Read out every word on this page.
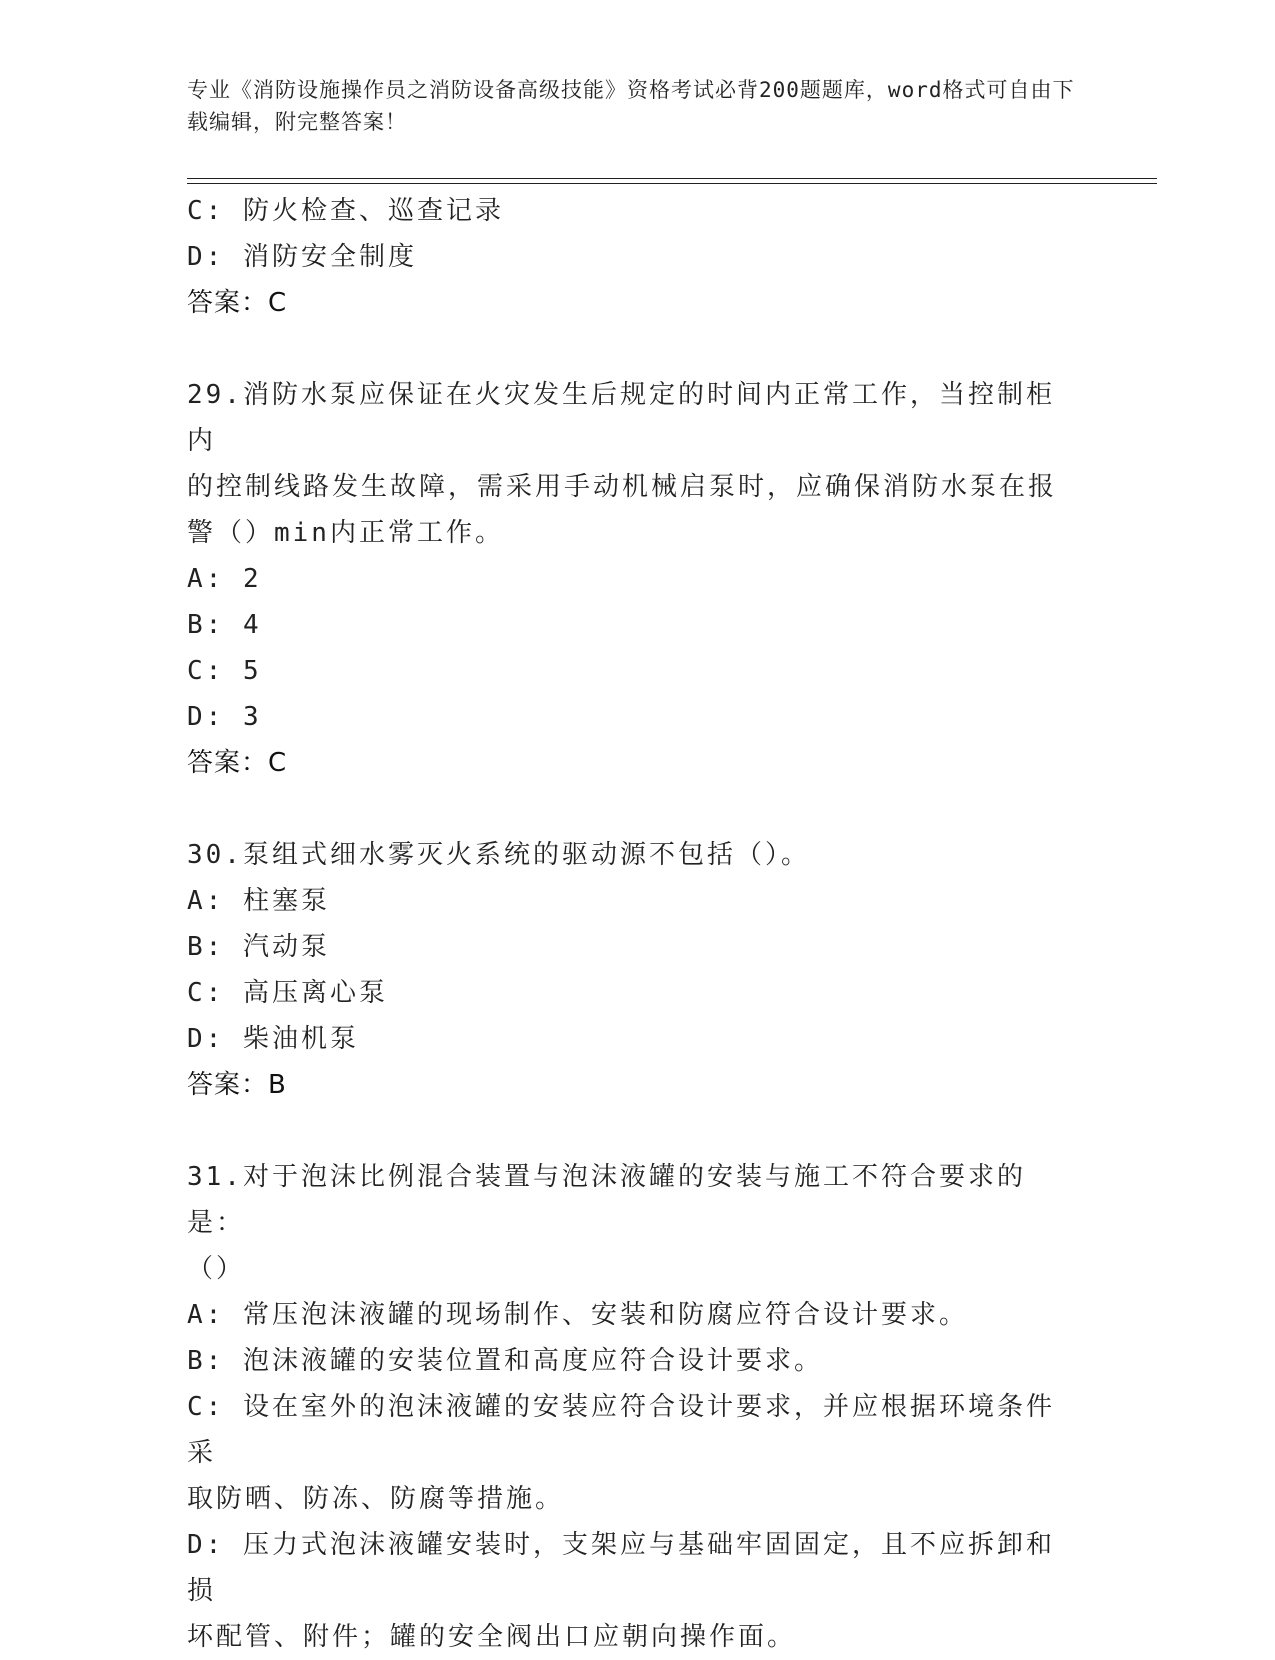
专业《消防设施操作员之消防设备高级技能》资格考试必背200题题库，word格式可自由下载编辑，附完整答案！
C: 防火检查、巡查记录
D: 消防安全制度
答案：C
29.消防水泵应保证在火灾发生后规定的时间内正常工作，当控制柜内
的控制线路发生故障，需采用手动机械启泵时，应确保消防水泵在报
警（）min内正常工作。
A: 2
B: 4
C: 5
D: 3
答案：C
30.泵组式细水雾灭火系统的驱动源不包括（）。
A: 柱塞泵
B: 汽动泵
C: 高压离心泵
D: 柴油机泵
答案：B
31.对于泡沫比例混合装置与泡沫液罐的安装与施工不符合要求的是：
（）
A: 常压泡沫液罐的现场制作、安装和防腐应符合设计要求。
B: 泡沫液罐的安装位置和高度应符合设计要求。
C: 设在室外的泡沫液罐的安装应符合设计要求，并应根据环境条件采
取防晒、防冻、防腐等措施。
D: 压力式泡沫液罐安装时，支架应与基础牢固固定，且不应拆卸和损
坏配管、附件；罐的安全阀出口应朝向操作面。
